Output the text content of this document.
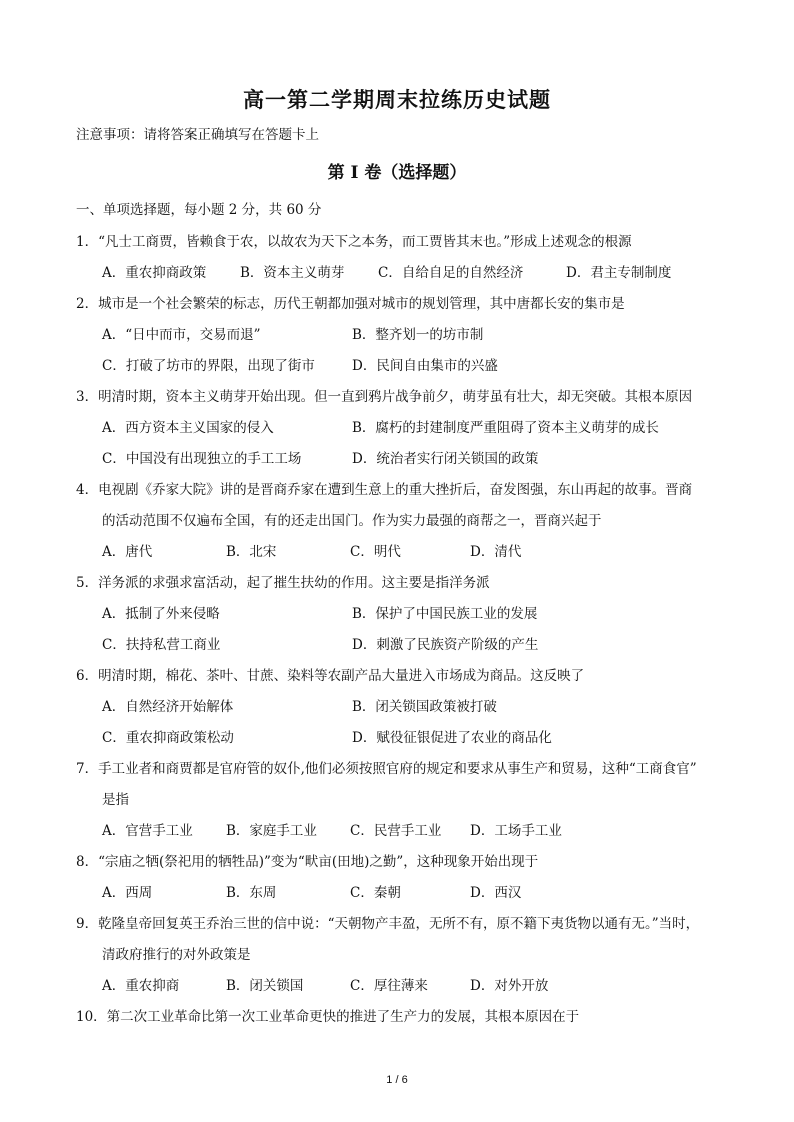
高一第二学期周末拉练历史试题
注意事项：请将答案正确填写在答题卡上
第 I 卷（选择题）
一、单项选择题，每小题 2 分，共 60 分
1．“凡士工商贾，皆赖食于农，以故农为天下之本务，而工贾皆其末也。”形成上述观念的根源
A．重农抑商政策	B．资本主义萌芽 C．自给自足的自然经济	D．君主专制制度
2．城市是一个社会繁荣的标志，历代王朝都加强对城市的规划管理，其中唐都长安的集市是
A．“日中而市，交易而退”	B．整齐划一的坊市制
C．打破了坊市的界限，出现了街市	D．民间自由集市的兴盛
3．明清时期，资本主义萌芽开始出现。但一直到鸦片战争前夕，萌芽虽有壮大，却无突破。其根本原因
A．西方资本主义国家的侵入	B．腐朽的封建制度严重阻碍了资本主义萌芽的成长
C．中国没有出现独立的手工工场	D．统治者实行闭关锁国的政策
4．电视剧《乔家大院》讲的是晋商乔家在遭到生意上的重大挫折后，奋发图强，东山再起的故事。晋商
的活动范围不仅遍布全国，有的还走出国门。作为实力最强的商帮之一，晋商兴起于
A．唐代	B．北宋	C．明代	D．清代
5．洋务派的求强求富活动，起了摧生扶幼的作用。这主要是指洋务派
A．抵制了外来侵略	B．保护了中国民族工业的发展
C．扶持私营工商业	D．刺激了民族资产阶级的产生
6．明清时期，棉花、茶叶、甘蔗、染料等农副产品大量进入市场成为商品。这反映了
A．自然经济开始解体	B．闭关锁国政策被打破
C．重农抑商政策松动	D．赋役征银促进了农业的商品化
7．手工业者和商贾都是官府管的奴仆,他们必须按照官府的规定和要求从事生产和贸易，这种“工商食官”
是指
A．官营手工业 B．家庭手工业 C．民营手工业 D．工场手工业
8．“宗庙之牺(祭祀用的牺牲品)”变为“畎亩(田地)之勤”，这种现象开始出现于
A．西周	B．东周	C．秦朝	D．西汉
9．乾隆皇帝回复英王乔治三世的信中说：“天朝物产丰盈，无所不有，原不籍下夷货物以通有无。”当时，
清政府推行的对外政策是
A．重农抑商	B．闭关锁国	C．厚往薄来	D．对外开放
10．第二次工业革命比第一次工业革命更快的推进了生产力的发展，其根本原因在于
1 / 6
